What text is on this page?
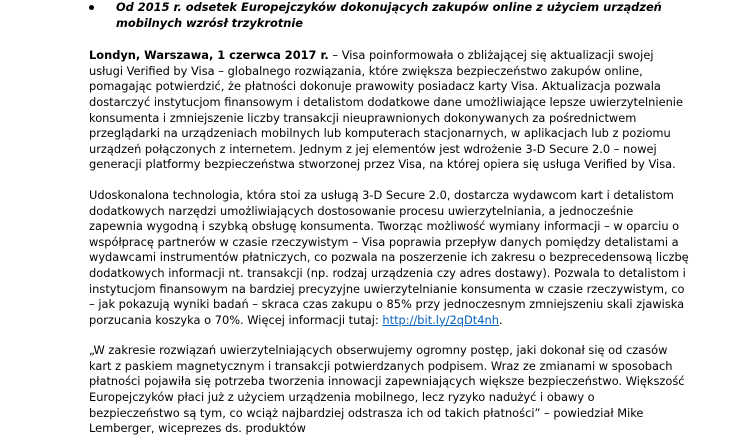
Od 2015 r. odsetek Europejczyków dokonujących zakupów online z użyciem urządzeń mobilnych wzrósł trzykrotnie

Londyn, Warszawa, 1 czerwca 2017 r. – Visa poinformowała o zbliżającej się aktualizacji swojej usługi Verified by Visa – globalnego rozwiązania, które zwiększa bezpieczeństwo zakupów online, pomagając potwierdzić, że płatności dokonuje prawowity posiadacz karty Visa. Aktualizacja pozwala dostarczyć instytucjom finansowym i detalistom dodatkowe dane umożliwiające lepsze uwierzytelnienie konsumenta i zmniejszenie liczby transakcji nieuprawnionych dokonywanych za pośrednictwem przeglądarki na urządzeniach mobilnych lub komputerach stacjonarnych, w aplikacjach lub z poziomu urządzeń połączonych z internetem. Jednym z jej elementów jest wdrożenie 3-D Secure 2.0 – nowej generacji platformy bezpieczeństwa stworzonej przez Visa, na której opiera się usługa Verified by Visa.

Udoskonalona technologia, która stoi za usługą 3-D Secure 2.0, dostarcza wydawcom kart i detalistom dodatkowych narzędzi umożliwiających dostosowanie procesu uwierzytelniania, a jednocześnie zapewnia wygodną i szybką obsługę konsumenta. Tworząc możliwość wymiany informacji – w oparciu o współpracę partnerów w czasie rzeczywistym – Visa poprawia przepływ danych pomiędzy detalistami a wydawcami instrumentów płatniczych, co pozwala na poszerzenie ich zakresu o bezprecedensową liczbę dodatkowych informacji nt. transakcji (np. rodzaj urządzenia czy adres dostawy). Pozwala to detalistom i instytucjom finansowym na bardziej precyzyjne uwierzytelnianie konsumenta w czasie rzeczywistym, co – jak pokazują wyniki badań – skraca czas zakupu o 85% przy jednoczesnym zmniejszeniu skali zjawiska porzucania koszyka o 70%. Więcej informacji tutaj: http://bit.ly/2qDt4nh.

„W zakresie rozwiązań uwierzytelniających obserwujemy ogromny postęp, jaki dokonał się od czasów kart z paskiem magnetycznym i transakcji potwierdzanych podpisem. Wraz ze zmianami w sposobach płatności pojawiła się potrzeba tworzenia innowacji zapewniających większe bezpieczeństwo. Większość Europejczyków płaci już z użyciem urządzenia mobilnego, lecz ryzyko nadużyć i obawy o bezpieczeństwo są tym, co wciąż najbardziej odstrasza ich od takich płatności” – powiedział Mike Lemberger, wiceprezes ds. produktów
